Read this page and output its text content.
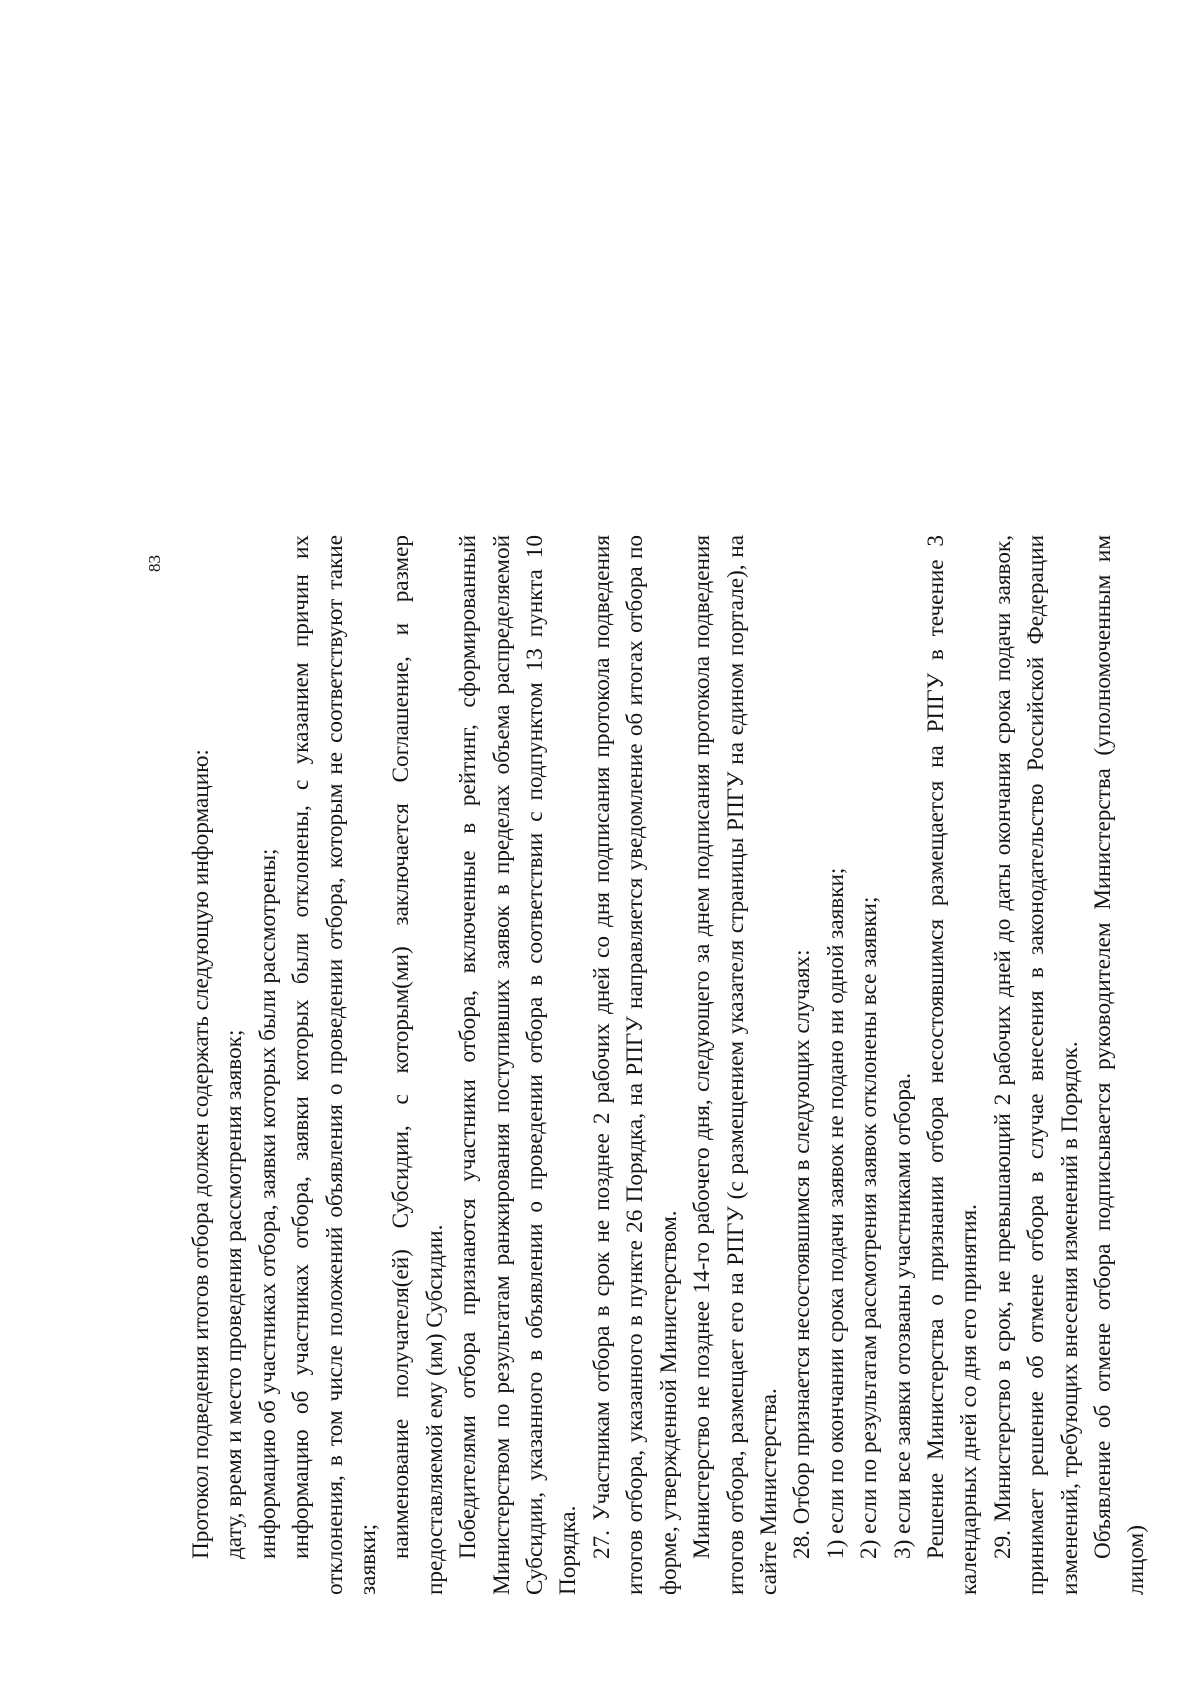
83

Протокол подведения итогов отбора должен содержать следующую информацию: дату, время и место проведения рассмотрения заявок; информацию об участниках отбора, заявки которых были рассмотрены; информацию об участниках отбора, заявки которых были отклонены, с указанием причин их отклонения, в том числе положений объявления о проведении отбора, которым не соответствуют такие заявки;

наименование получателя(ей) Субсидии, с которым(ми) заключается Соглашение, и размер предоставляемой ему (им) Субсидии. Победителями отбора признаются участники отбора, включенные в рейтинг, сформированный Министерством по результатам ранжирования поступивших заявок в пределах объема распределяемой Субсидии, указанного в объявлении о проведении отбора в соответствии с подпунктом 13 пункта 10 Порядка. 27. Участникам отбора в срок не позднее 2 рабочих дней со дня подписания протокола подведения итогов отбора, указанного в пункте 26 Порядка, на РПГУ направляется уведомление об итогах отбора по форме, утвержденной Министерством. Министерство не позднее 14-го рабочего дня, следующего за днем подписания протокола подведения итогов отбора, размещает его на РПГУ (с размещением указателя страницы РПГУ на едином портале), на сайте Министерства. 28. Отбор признается несостоявшимся в следующих случаях: 1) если по окончании срока подачи заявок не подано ни одной заявки; 2) если по результатам рассмотрения заявок отклонены все заявки; 3) если все заявки отозваны участниками отбора. Решение Министерства о признании отбора несостоявшимся размещается на РПГУ в течение 3 календарных дней со дня его принятия. 29. Министерство в срок, не превышающий 2 рабочих дней до даты окончания срока подачи заявок, принимает решение об отмене отбора в случае внесения в законодательство Российской Федерации изменений, требующих внесения изменений в Порядок. Объявление об отмене отбора подписывается руководителем Министерства (уполномоченным им лицом)
